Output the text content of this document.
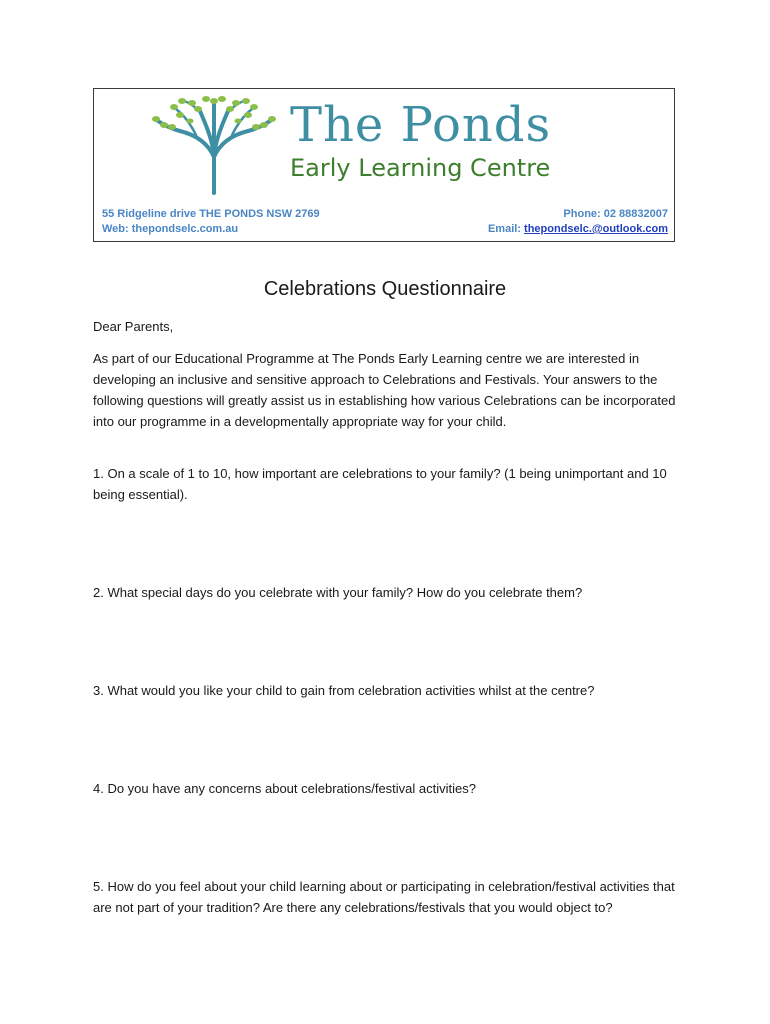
The Ponds
Early Learning Centre
55 Ridgeline drive THE PONDS NSW 2769
Web: thepondselc.com.au
Phone: 02 88832007
Email: thepondselc.@outlook.com
Celebrations Questionnaire

Dear Parents,

As part of our Educational Programme at The Ponds Early Learning centre we are interested in developing an inclusive and sensitive approach to Celebrations and Festivals. Your answers to the following questions will greatly assist us in establishing how various Celebrations can be incorporated into our programme in a developmentally appropriate way for your child.

1. On a scale of 1 to 10, how important are celebrations to your family? (1 being unimportant and 10 being essential).

2. What special days do you celebrate with your family? How do you celebrate them?

3. What would you like your child to gain from celebration activities whilst at the centre?

4. Do you have any concerns about celebrations/festival activities?

5. How do you feel about your child learning about or participating in celebration/festival activities that are not part of your tradition? Are there any celebrations/festivals that you would object to?
